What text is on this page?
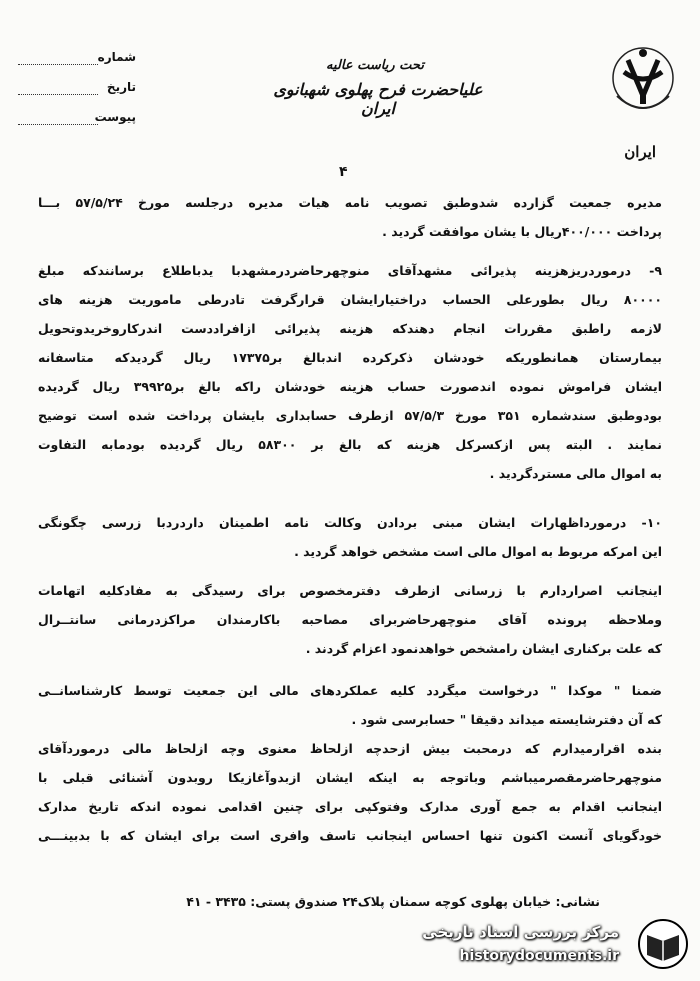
ایران
تحت ریاست عالیه
علیاحضرت فرح پهلوی شهبانوی ایران
شماره
تاریخ
پیوست
۴
مدیره جمعیت گزارده شدوطبق تصویب نامه هیات مدیره درجلسه مورخ ۵۷/۵/۲۴ بـــا
پرداخت ۴۰۰/۰۰۰ریال با یشان موافقت گردید .
۹- درموردریزهزینه پذیرائی مشهدآقای منوچهرحاضردرمشهدبا یدباطلاع برسانندکه مبلغ
۸۰۰۰۰ ریال بطورعلی الحساب دراختیارایشان قرارگرفت تادرطی ماموریت هزینه های
لازمه راطبق مقررات انجام دهندکه هزینه پذیرائی ازافراددست اندرکاروخریدوتحویل
بیمارستان همانطوریکه خودشان ذکرکرده اندبالغ بر۱۷۳۷۵ ریال گردیدکه متاسفانه
ایشان فراموش نموده اندصورت حساب هزینه خودشان راکه بالغ بر۳۹۹۲۵ ریال گردیده
بودوطبق سندشماره ۳۵۱ مورخ ۵۷/۵/۳ ازطرف حسابداری بایشان پرداخت شده است توضیح
نمایند . البته پس ازکسرکل هزینه که بالغ بر ۵۸۳۰۰ ریال گردیده بودمابه التفاوت
به اموال مالی مستردگردید .
۱۰- درمورداظهارات ایشان مبنی بردادن وکالت نامه اطمینان داردردبا زرسی چگونگی
این امرکه مربوط به اموال مالی است مشخص خواهد گردید .
اینجانب اصراردارم با زرسانی ازطرف دفترمخصوص برای رسیدگی به مفادکلیه اتهامات
وملاحظه پرونده آقای منوچهرحاضربرای مصاحبه باکارمندان مراکزدرمانی سانتــرال
که علت برکناری ایشان رامشخص خواهدنمود اعزام گردند .
ضمنا " موکدا " درخواست میگردد کلیه عملکردهای مالی این جمعیت توسط کارشناسانــی
که آن دفترشایسته میداند دقیقا " حسابرسی شود .
بنده اقرارمیدارم که درمحبت بیش ازحدچه ازلحاظ معنوی وچه ازلحاظ مالی درموردآقای
منوچهرحاضرمقصرمیباشم وباتوجه به اینکه ایشان ازبدوآغازیکا روبدون آشنائی قبلی با
اینجانب اقدام به جمع آوری مدارک وفتوکپی برای چنین اقدامی نموده اندکه تاریخ مدارک
خودگویای آنست اکنون تنها احساس اینجانب تاسف وافری است برای ایشان که با بدبینـــی
نشانی: خیابان پهلوی کوچه سمنان پلاک۲۴ صندوق پستی: ۳۴۳۵ - ۴۱
مرکز بررسی اسناد تاریخی
historydocuments.ir
